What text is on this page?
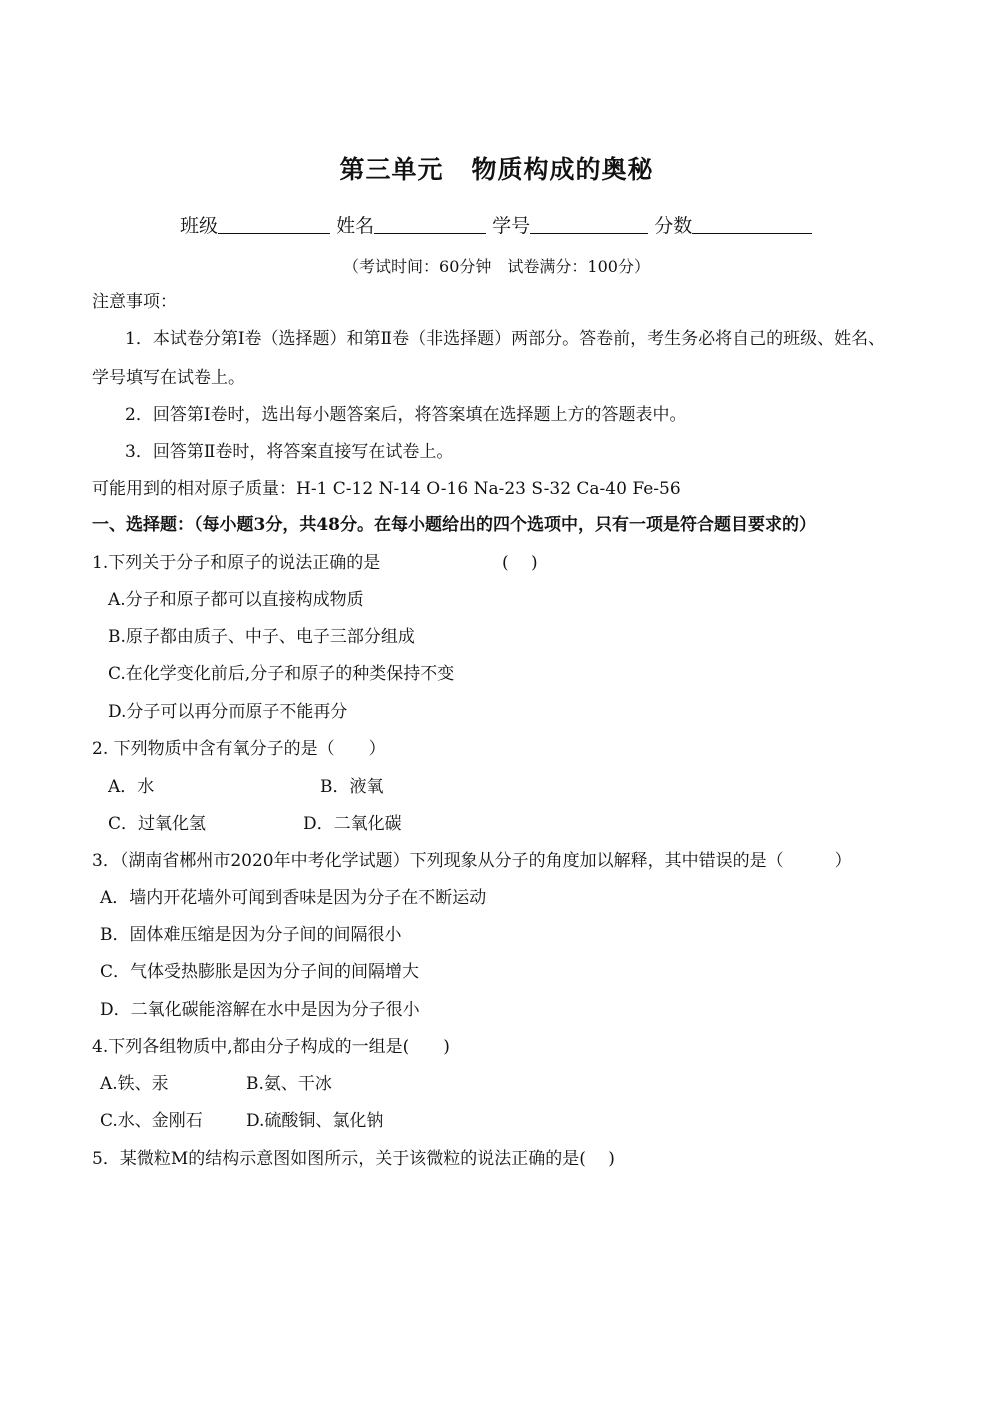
第三单元 物质构成的奥秘
班级	姓名	学号	分数
（考试时间：60分钟　试卷满分：100分）
注意事项：
1．本试卷分第Ⅰ卷（选择题）和第Ⅱ卷（非选择题）两部分。答卷前，考生务必将自己的班级、姓名、
学号填写在试卷上。
2．回答第Ⅰ卷时，选出每小题答案后，将答案填在选择题上方的答题表中。
3．回答第Ⅱ卷时，将答案直接写在试卷上。
可能用到的相对原子质量：H-1 C-12 N-14 O-16 Na-23 S-32 Ca-40 Fe-56
一、选择题：（每小题3分，共48分。在每小题给出的四个选项中，只有一项是符合题目要求的）
1.下列关于分子和原子的说法正确的是	(　 )
A.分子和原子都可以直接构成物质
B.原子都由质子、中子、电子三部分组成
C.在化学变化前后,分子和原子的种类保持不变
D.分子可以再分而原子不能再分
2. 下列物质中含有氧分子的是（　　）
A．水	B．液氧
C．过氧化氢	D．二氧化碳
3．（湖南省郴州市2020年中考化学试题）下列现象从分子的角度加以解释，其中错误的是（　　　）
A．墙内开花墙外可闻到香味是因为分子在不断运动
B．固体难压缩是因为分子间的间隔很小
C．气体受热膨胀是因为分子间的间隔增大
D．二氧化碳能溶解在水中是因为分子很小
4.下列各组物质中,都由分子构成的一组是(　　)
A.铁、汞	B.氨、干冰
C.水、金刚石	D.硫酸铜、氯化钠
5．某微粒M的结构示意图如图所示，关于该微粒的说法正确的是(　 )
